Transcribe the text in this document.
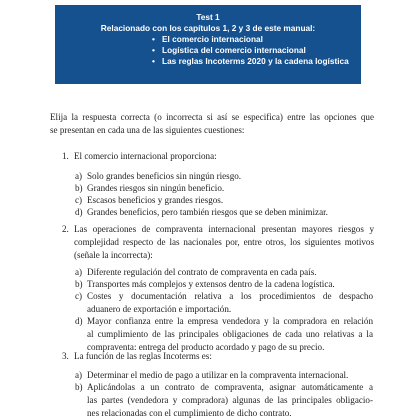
Test 1
Relacionado con los capítulos 1, 2 y 3 de este manual:
• El comercio internacional
• Logística del comercio internacional
• Las reglas Incoterms 2020 y la cadena logística
Elija la respuesta correcta (o incorrecta si así se especifica) entre las opciones que
se presentan en cada una de las siguientes cuestiones:
1. El comercio internacional proporciona:
a) Solo grandes beneficios sin ningún riesgo.
b) Grandes riesgos sin ningún beneficio.
c) Escasos beneficios y grandes riesgos.
d) Grandes beneficios, pero también riesgos que se deben minimizar.
2. Las operaciones de compraventa internacional presentan mayores riesgos y
complejidad respecto de las nacionales por, entre otros, los siguientes motivos
(señale la incorrecta):
a) Diferente regulación del contrato de compraventa en cada país.
b) Transportes más complejos y extensos dentro de la cadena logística.
c) Costes y documentación relativa a los procedimientos de despacho
aduanero de exportación e importación.
d) Mayor confianza entre la empresa vendedora y la compradora en relación
al cumplimiento de las principales obligaciones de cada uno relativas a la
compraventa: entrega del producto acordado y pago de su precio.
3. La función de las reglas Incoterms es:
a) Determinar el medio de pago a utilizar en la compraventa internacional.
b) Aplicándolas a un contrato de compraventa, asignar automáticamente a
las partes (vendedora y compradora) algunas de las principales obligacio-
nes relacionadas con el cumplimiento de dicho contrato.
